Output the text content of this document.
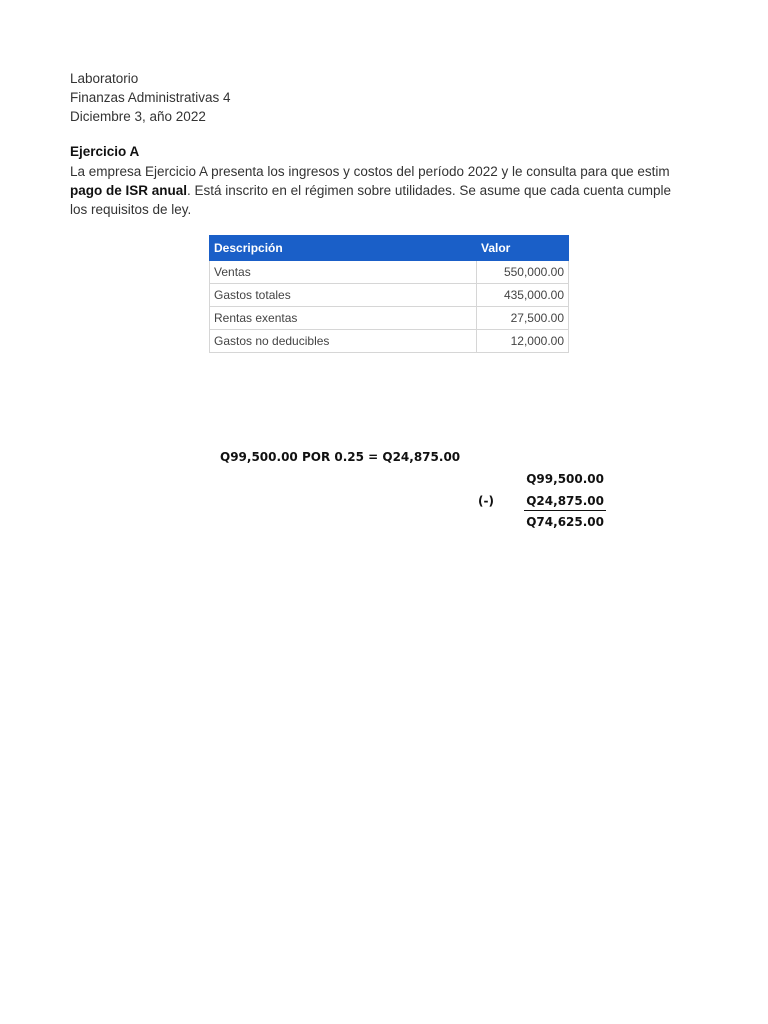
Laboratorio
Finanzas Administrativas 4
Diciembre 3, año 2022
Ejercicio A
La empresa Ejercicio A presenta los ingresos y costos del período 2022 y le consulta para que estim
pago de ISR anual. Está inscrito en el régimen sobre utilidades. Se asume que cada cuenta cumple
los requisitos de ley.
Descripción	Valor
Ventas	550,000.00
Gastos totales	435,000.00
Rentas exentas	27,500.00
Gastos no deducibles	12,000.00
Q99,500.00 POR 0.25 = Q24,875.00
Q99,500.00
(-)	Q24,875.00
Q74,625.00
